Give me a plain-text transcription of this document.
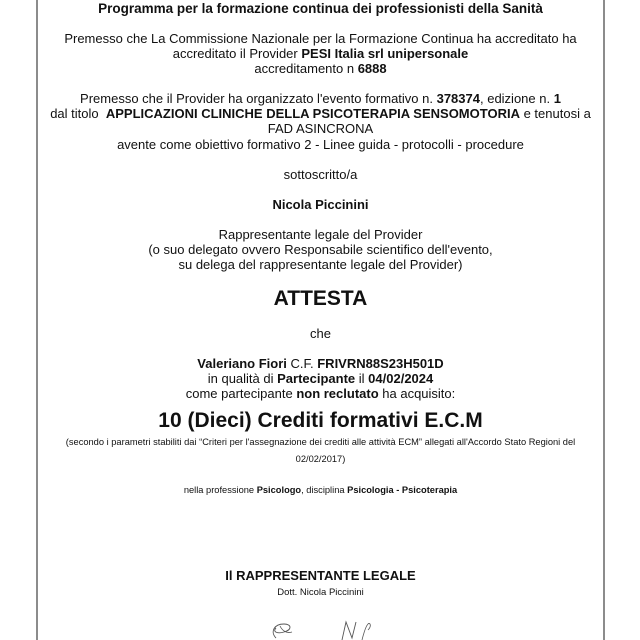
Programma per la formazione continua dei professionisti della Sanità
Premesso che La Commissione Nazionale per la Formazione Continua ha accreditato ha
accreditato il Provider PESI Italia srl unipersonale
accreditamento n 6888
Premesso che il Provider ha organizzato l'evento formativo n. 378374, edizione n. 1
dal titolo  APPLICAZIONI CLINICHE DELLA PSICOTERAPIA SENSOMOTORIA e tenutosi a
FAD ASINCRONA
avente come obiettivo formativo 2 - Linee guida - protocolli - procedure
sottoscritto/a
Nicola Piccinini
Rappresentante legale del Provider
(o suo delegato ovvero Responsabile scientifico dell'evento,
su delega del rappresentante legale del Provider)
ATTESTA
che
Valeriano Fiori C.F. FRIVRN88S23H501D
in qualità di Partecipante il 04/02/2024
come partecipante non reclutato ha acquisito:
10 (Dieci) Crediti formativi E.C.M
(secondo i parametri stabiliti dai “Criteri per l'assegnazione dei crediti alle attività ECM” allegati all'Accordo Stato Regioni del
02/02/2017)
nella professione Psicologo, disciplina Psicologia - Psicoterapia
Il RAPPRESENTANTE LEGALE
Dott. Nicola Piccinini
